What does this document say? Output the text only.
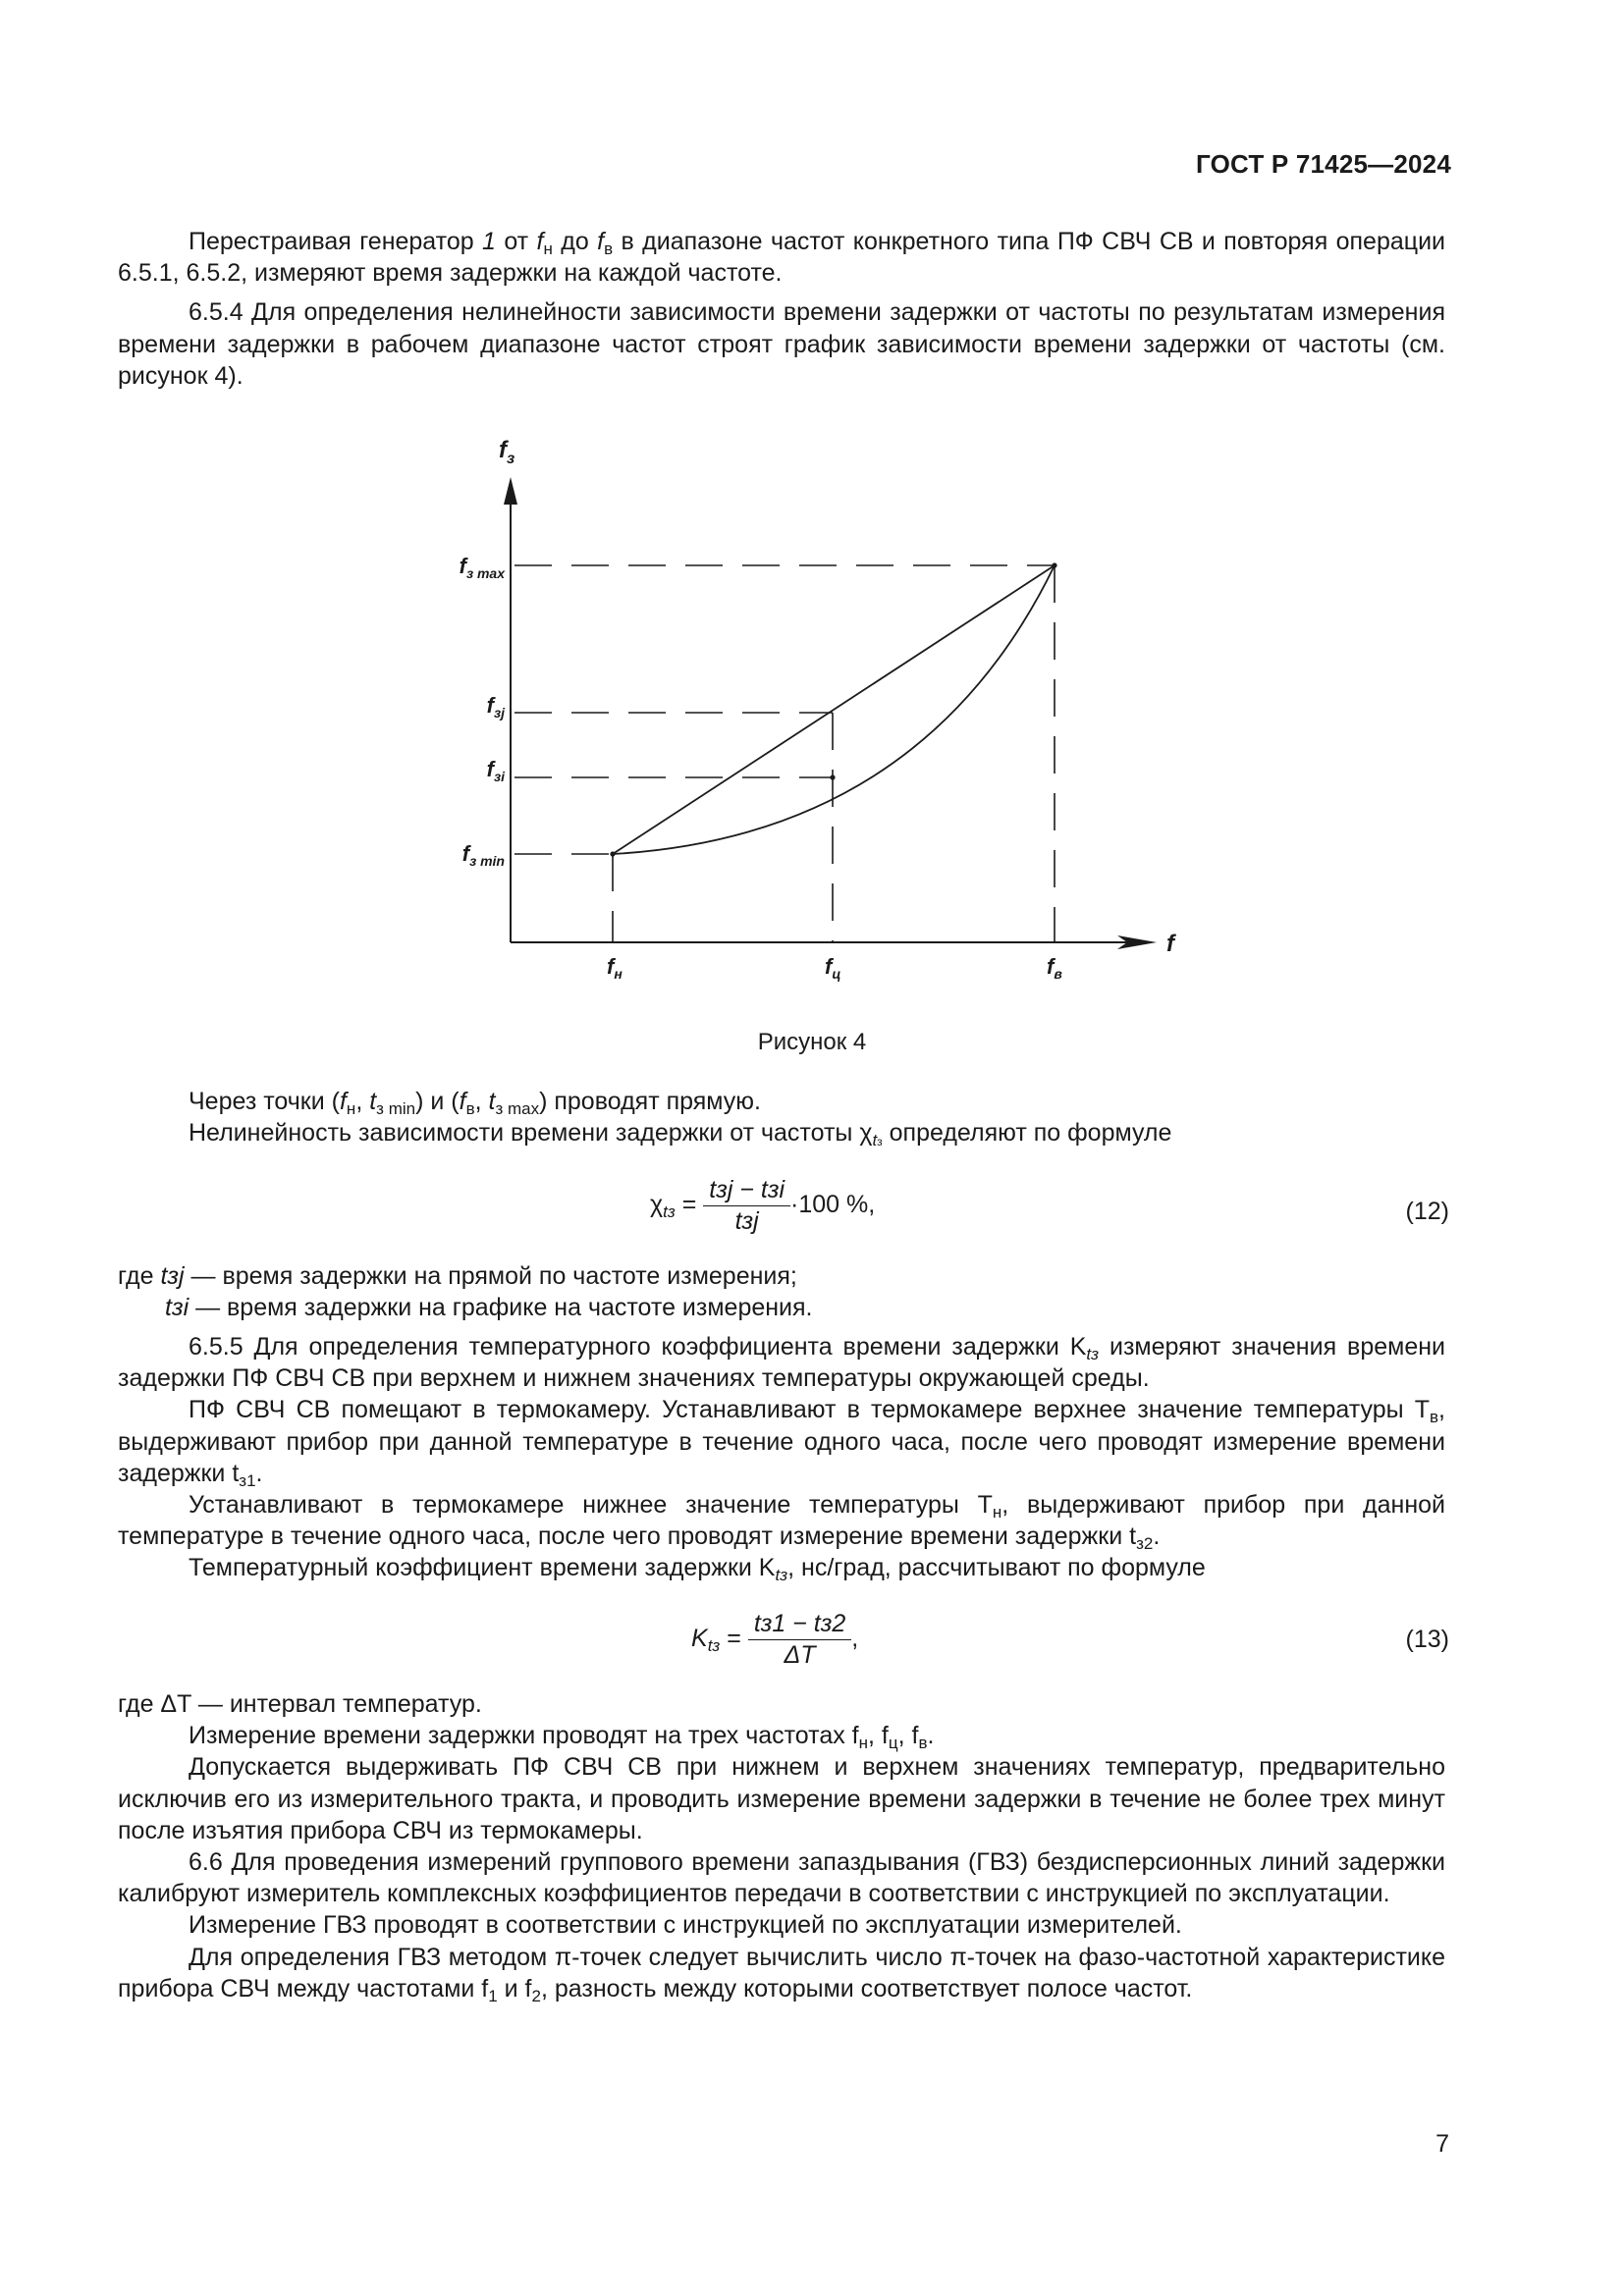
ГОСТ Р 71425—2024

Перестраивая генератор 1 от $f_н$ до $f_в$ в диапазоне частот конкретного типа ПФ СВЧ СВ и повторяя операции 6.5.1, 6.5.2, измеряют время задержки на каждой частоте.

6.5.4 Для определения нелинейности зависимости времени задержки от частоты по результатам измерения времени задержки в рабочем диапазоне частот строят график зависимости времени задержки от частоты (см. рисунок 4).

$f_з$
f
$f_{з max}$
$f_{зj}$
$f_{зi}$
$f_{з min}$
$f_н$	$f_ц$	$f_в$
Рисунок 4

Через точки ($f_н$, $t_{з min}$) и ($f_в$, $t_{з max}$) проводят прямую.

Нелинейность зависимости времени задержки от частоты $\chi_{tз}$ определяют по формуле

$\chi_{tз} = \frac{\text{tзj − tзi}}{\text{tзj}} \cdot 100$ %,	(12)
где tзj — время задержки на прямой по частоте измерения;
tзi — время задержки на графике на частоте измерения.

6.5.5 Для определения температурного коэффициента времени задержки $K_{tз}$ измеряют значения времени задержки ПФ СВЧ СВ при верхнем и нижнем значениях температуры окружающей среды.

ПФ СВЧ СВ помещают в термокамеру. Устанавливают в термокамере верхнее значение температуры $T_в$, выдерживают прибор при данной температуре в течение одного часа, после чего проводят измерение времени задержки $t_{з1}$.

Устанавливают в термокамере нижнее значение температуры $T_н$, выдерживают прибор при данной температуре в течение одного часа, после чего проводят измерение времени задержки $t_{з2}$.

Температурный коэффициент времени задержки $K_{tз}$, нс/град, рассчитывают по формуле

$K_{tз} = \frac{tз1 - tз2}{\Delta T}$ ,	(13)

где ΔT — интервал температур.

Измерение времени задержки проводят на трех частотах $f_н$, $f_ц$, $f_в$.

Допускается выдерживать ПФ СВЧ СВ при нижнем и верхнем значениях температур, предварительно исключив его из измерительного тракта, и проводить измерение времени задержки в течение не более трех минут после изъятия прибора СВЧ из термокамеры.

6.6 Для проведения измерений группового времени запаздывания (ГВЗ) бездисперсионных линий задержки калибруют измеритель комплексных коэффициентов передачи в соответствии с инструкцией по эксплуатации.

Измерение ГВЗ проводят в соответствии с инструкцией по эксплуатации измерителей.

Для определения ГВЗ методом π-точек следует вычислить число π-точек на фазо-частотной характеристике прибора СВЧ между частотами $f_1$ и $f_2$, разность между которыми соответствует полосе частот.

7
